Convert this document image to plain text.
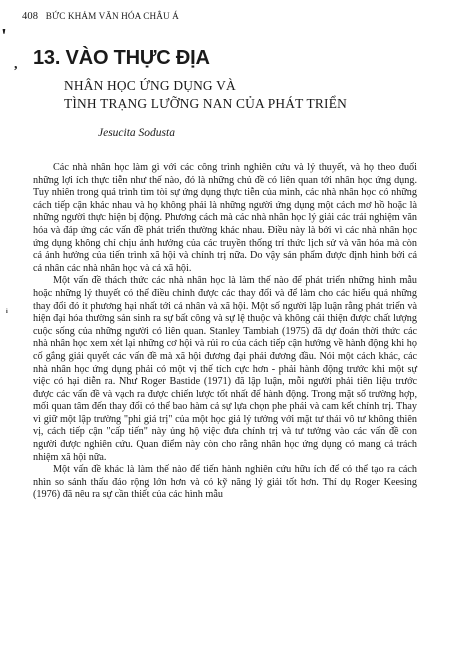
408 BỨC KHẢM VĂN HÓA CHÂU Á
ꞌ
,
ᵢ
13. VÀO THỰC ĐỊA
NHÂN HỌC ỨNG DỤNG VÀ
TÌNH TRẠNG LƯỠNG NAN CỦA PHÁT TRIỂN
Jesucita Sodusta

Các nhà nhân học làm gì với các công trình nghiên cứu và lý thuyết, và họ theo đuổi những lợi ích thực tiễn như thế nào, đó là những chủ đề có liên quan tới nhân học ứng dụng. Tuy nhiên trong quá trình tìm tòi sự ứng dụng thực tiễn của mình, các nhà nhân học có những cách tiếp cận khác nhau và họ không phải là những người ứng dụng một cách mơ hồ hoặc là những người thực hiện bị động. Phương cách mà các nhà nhân học lý giải các trải nghiệm văn hóa và đáp ứng các vấn đề phát triển thường khác nhau. Điều này là bởi vì các nhà nhân học ứng dụng không chỉ chịu ảnh hưởng của các truyền thống trí thức lịch sử và văn hóa mà còn cả ảnh hưởng của tiến trình xã hội và chính trị nữa. Do vậy sản phẩm được định hình bởi cả cá nhân các nhà nhân học và cả xã hội.

Một vấn đề thách thức các nhà nhân học là làm thế nào để phát triển những hình mẫu hoặc những lý thuyết có thể điều chỉnh được các thay đổi và để làm cho các hiểu quả những thay đổi đó ít phương hại nhất tới cá nhân và xã hội. Một số người lập luận rằng phát triển và hiện đại hóa thường sản sinh ra sự bất công và sự lệ thuộc và không cải thiện được chất lượng cuộc sống của những người có liên quan. Stanley Tambiah (1975) đã dự đoán thời thức các nhà nhân học xem xét lại những cơ hội và rủi ro của cách tiếp cận hướng về hành động khi họ cố gắng giải quyết các vấn đề mà xã hội đương đại phải đương đầu. Nói một cách khác, các nhà nhân học ứng dụng phải có một vị thế tích cực hơn - phải hành động trước khi một sự việc có hại diễn ra. Như Roger Bastide (1971) đã lập luận, mỗi người phải tiên liệu trước được các vấn đề và vạch ra được chiến lược tốt nhất để hành động. Trong mặt số trường hợp, mối quan tâm đến thay đổi có thể bao hàm cả sự lựa chọn phe phái và cam kết chính trị. Thay vì giữ một lập trường "phi giá trị" của một học giả lý tưởng với mặt tư thái vô tư không thiên vị, cách tiếp cận "cấp tiến" này ủng hộ việc đưa chính trị và tư tưởng vào các vấn đề con người được nghiên cứu. Quan điểm này còn cho rằng nhân học ứng dụng có mang cả trách nhiệm xã hội nữa.

Một vấn đề khác là làm thế nào để tiến hành nghiên cứu hữu ích để có thể tạo ra cách nhìn so sánh thấu đáo rộng lớn hơn và có kỹ năng lý giải tốt hơn. Thí dụ Roger Keesing (1976) đã nêu ra sự cần thiết của các hình mẫu
